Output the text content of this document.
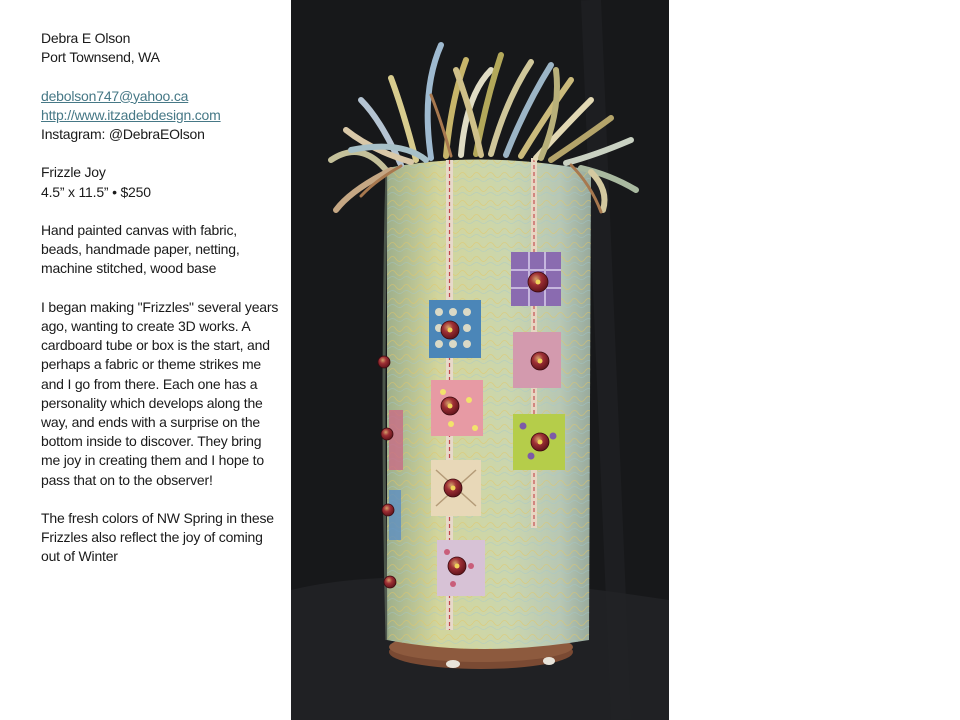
Debra E Olson

Port Townsend, WA

debolson747@yahoo.ca

http://www.itzadebdesign.com

Instagram: @DebraEOlson

Frizzle Joy

4.5” x 11.5” • $250

Hand painted canvas with fabric, beads, handmade paper, netting, machine stitched, wood base

I began making "Frizzles" several years ago, wanting to create 3D works. A cardboard tube or box is the start, and perhaps a fabric or theme strikes me and I go from there. Each one has a personality which develops along the way, and ends with a surprise on the bottom inside to discover. They bring me joy in creating them and I hope to pass that on to the observer!

The fresh colors of NW Spring in these Frizzles also reflect the joy of coming out of Winter
